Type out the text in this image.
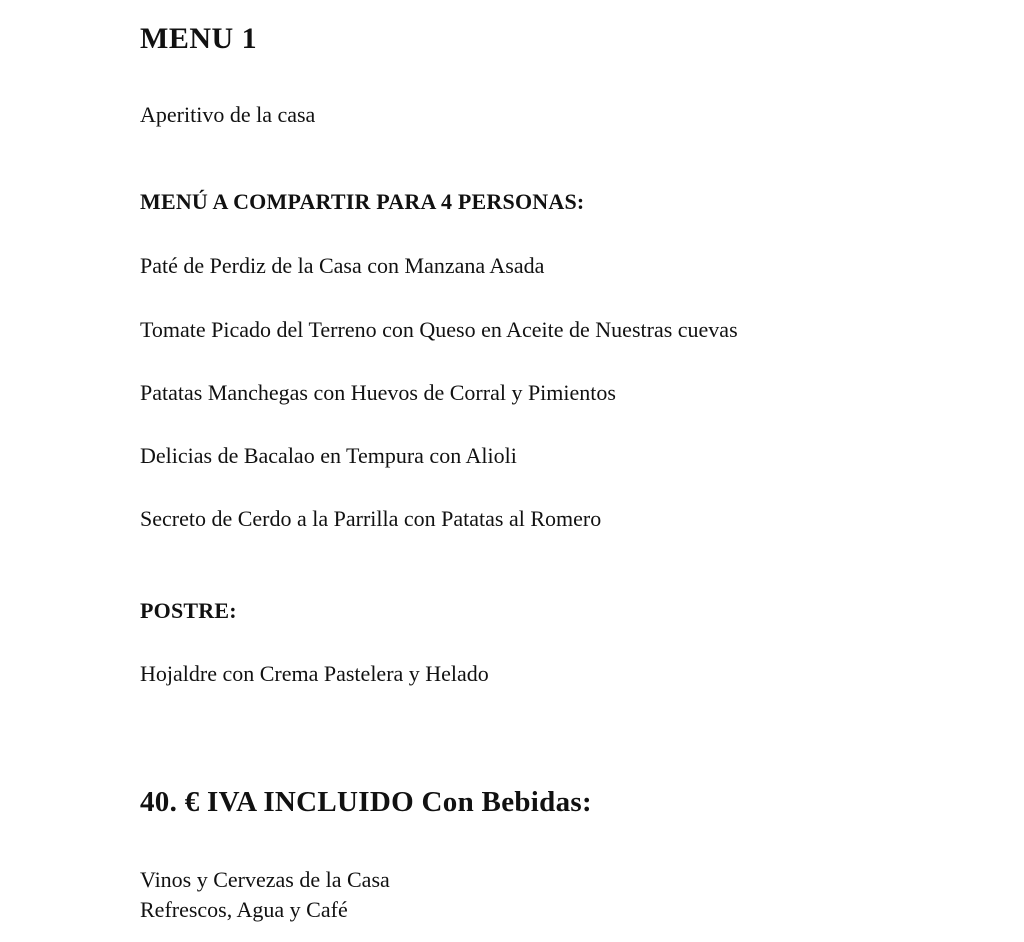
MENU 1

Aperitivo de la casa

MENÚ A COMPARTIR PARA 4 PERSONAS:

Paté de Perdiz de la Casa con Manzana Asada

Tomate Picado del Terreno con Queso en Aceite de Nuestras cuevas

Patatas Manchegas con Huevos de Corral y Pimientos

Delicias de Bacalao en Tempura con Alioli

Secreto de Cerdo a la Parrilla con Patatas al Romero

POSTRE:

Hojaldre con Crema Pastelera y Helado

40. € IVA INCLUIDO Con Bebidas:

Vinos y Cervezas de la Casa

Refrescos, Agua y Café
